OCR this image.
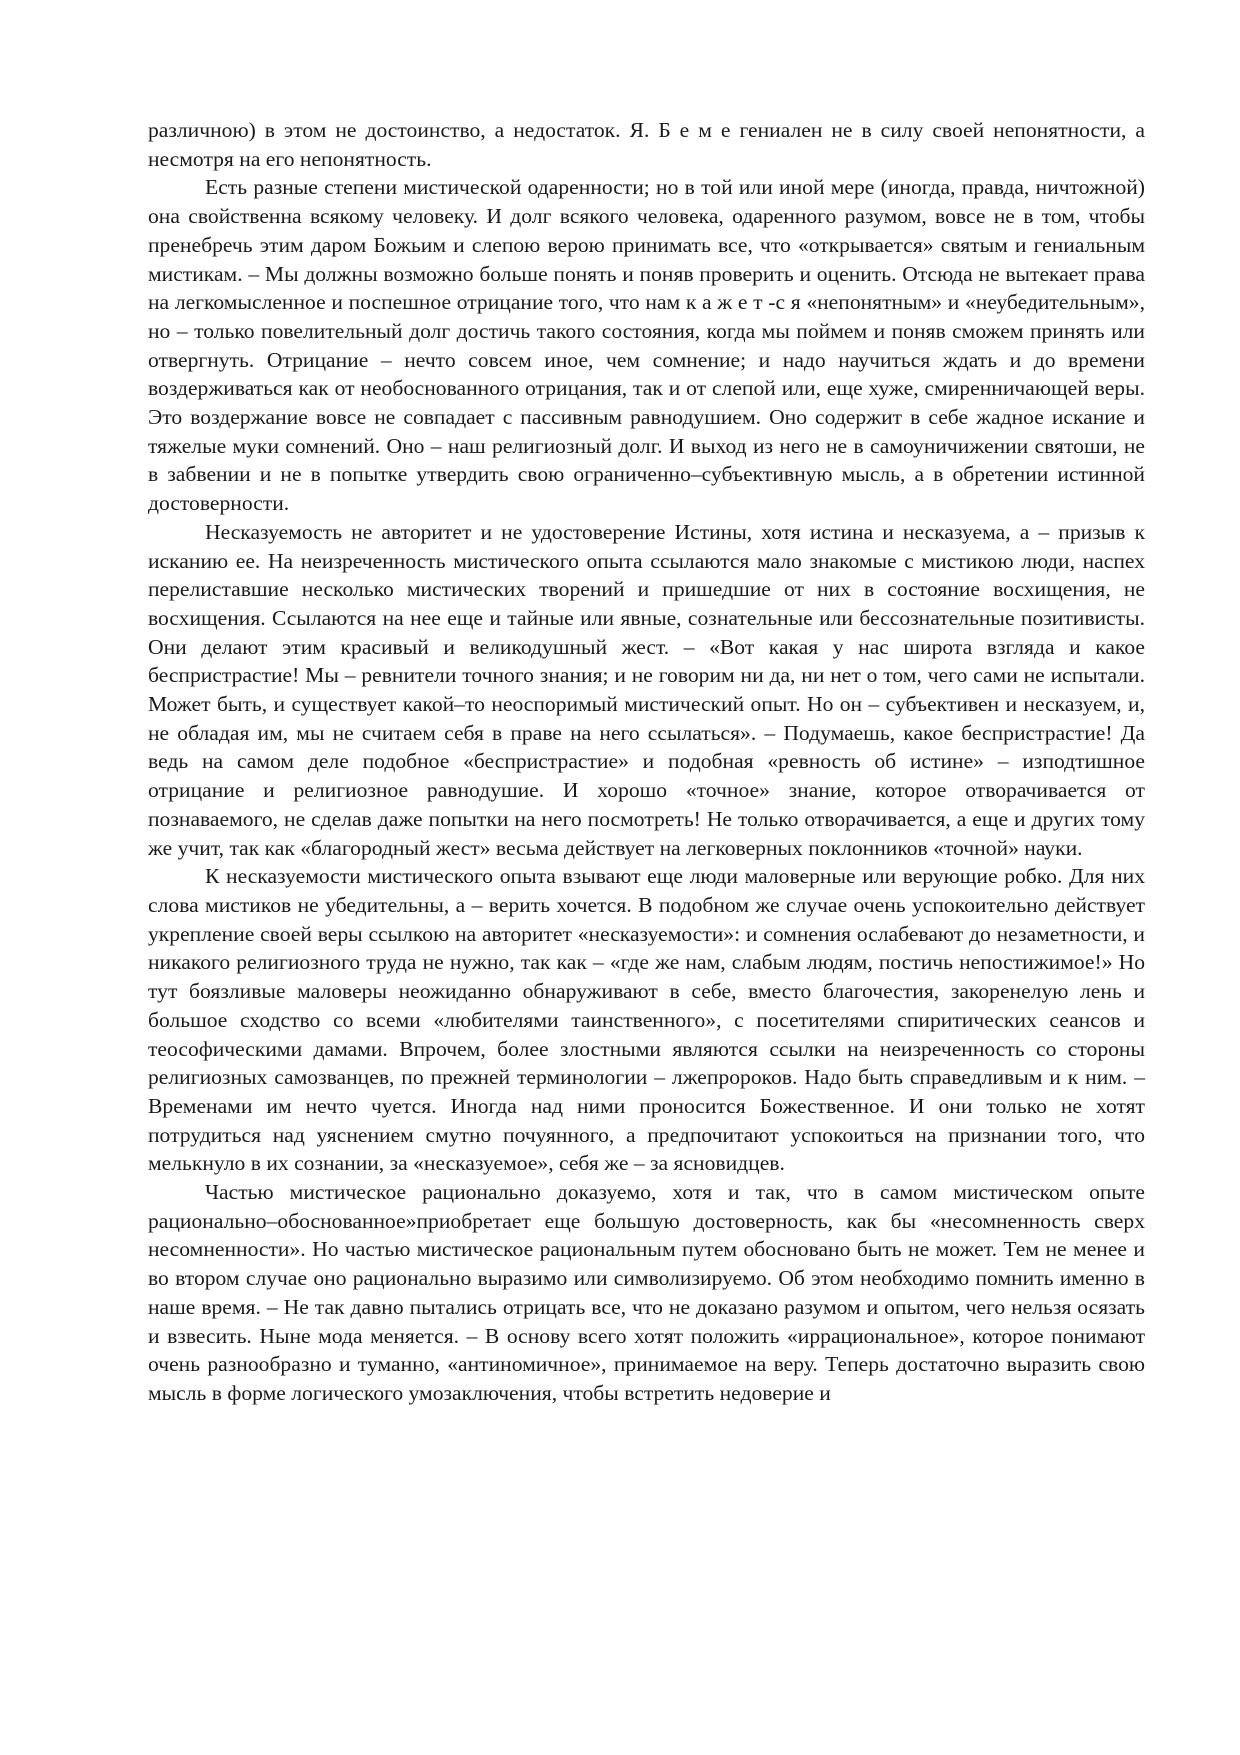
различною) в этом не достоинство, а недостаток. Я. Б е м е гениален не в силу своей непонятности, а несмотря на его непонятность.

Есть разные степени мистической одаренности; но в той или иной мере (иногда, правда, ничтожной) она свойственна всякому человеку. И долг всякого человека, одаренного разумом, вовсе не в том, чтобы пренебречь этим даром Божьим и слепою верою принимать все, что «открывается» святым и гениальным мистикам. – Мы должны возможно больше понять и поняв проверить и оценить. Отсюда не вытекает права на легкомысленное и поспешное отрицание того, что нам к а ж е т -с я «непонятным» и «неубедительным», но – только повелительный долг достичь такого состояния, когда мы поймем и поняв сможем принять или отвергнуть. Отрицание – нечто совсем иное, чем сомнение; и надо научиться ждать и до времени воздерживаться как от необоснованного отрицания, так и от слепой или, еще хуже, смиренничающей веры. Это воздержание вовсе не совпадает с пассивным равнодушием. Оно содержит в себе жадное искание и тяжелые муки сомнений. Оно – наш религиозный долг. И выход из него не в самоуничижении святоши, не в забвении и не в попытке утвердить свою ограниченно–субъективную мысль, а в обретении истинной достоверности.

Несказуемость не авторитет и не удостоверение Истины, хотя истина и несказуема, а – призыв к исканию ее. На неизреченность мистического опыта ссылаются мало знакомые с мистикою люди, наспех перелиставшие несколько мистических творений и пришедшие от них в состояние восхищения, не восхищения. Ссылаются на нее еще и тайные или явные, сознательные или бессознательные позитивисты. Они делают этим красивый и великодушный жест. – «Вот какая у нас широта взгляда и какое беспристрастие! Мы – ревнители точного знания; и не говорим ни да, ни нет о том, чего сами не испытали. Может быть, и существует какой–то неоспоримый мистический опыт. Но он – субъективен и несказуем, и, не обладая им, мы не считаем себя в праве на него ссылаться». – Подумаешь, какое беспристрастие! Да ведь на самом деле подобное «беспристрастие» и подобная «ревность об истине» – изподтишное отрицание и религиозное равнодушие. И хорошо «точное» знание, которое отворачивается от познаваемого, не сделав даже попытки на него посмотреть! Не только отворачивается, а еще и других тому же учит, так как «благородный жест» весьма действует на легковерных поклонников «точной» науки.

К несказуемости мистического опыта взывают еще люди маловерные или верующие робко. Для них слова мистиков не убедительны, а – верить хочется. В подобном же случае очень успокоительно действует укрепление своей веры ссылкою на авторитет «несказуемости»: и сомнения ослабевают до незаметности, и никакого религиозного труда не нужно, так как – «где же нам, слабым людям, постичь непостижимое!» Но тут боязливые маловеры неожиданно обнаруживают в себе, вместо благочестия, закоренелую лень и большое сходство со всеми «любителями таинственного», с посетителями спиритических сеансов и теософическими дамами. Впрочем, более злостными являются ссылки на неизреченность со стороны религиозных самозванцев, по прежней терминологии – лжепророков. Надо быть справедливым и к ним. – Временами им нечто чуется. Иногда над ними проносится Божественное. И они только не хотят потрудиться над уяснением смутно почуянного, а предпочитают успокоиться на признании того, что мелькнуло в их сознании, за «несказуемое», себя же – за ясновидцев.

Частью мистическое рационально доказуемо, хотя и так, что в самом мистическом опыте рационально–обоснованное»приобретает еще большую достоверность, как бы «несомненность сверх несомненности». Но частью мистическое рациональным путем обосновано быть не может. Тем не менее и во втором случае оно рационально выразимо или символизируемо. Об этом необходимо помнить именно в наше время. – Не так давно пытались отрицать все, что не доказано разумом и опытом, чего нельзя осязать и взвесить. Ныне мода меняется. – В основу всего хотят положить «иррациональное», которое понимают очень разнообразно и туманно, «антиномичное», принимаемое на веру. Теперь достаточно выразить свою мысль в форме логического умозаключения, чтобы встретить недоверие и
